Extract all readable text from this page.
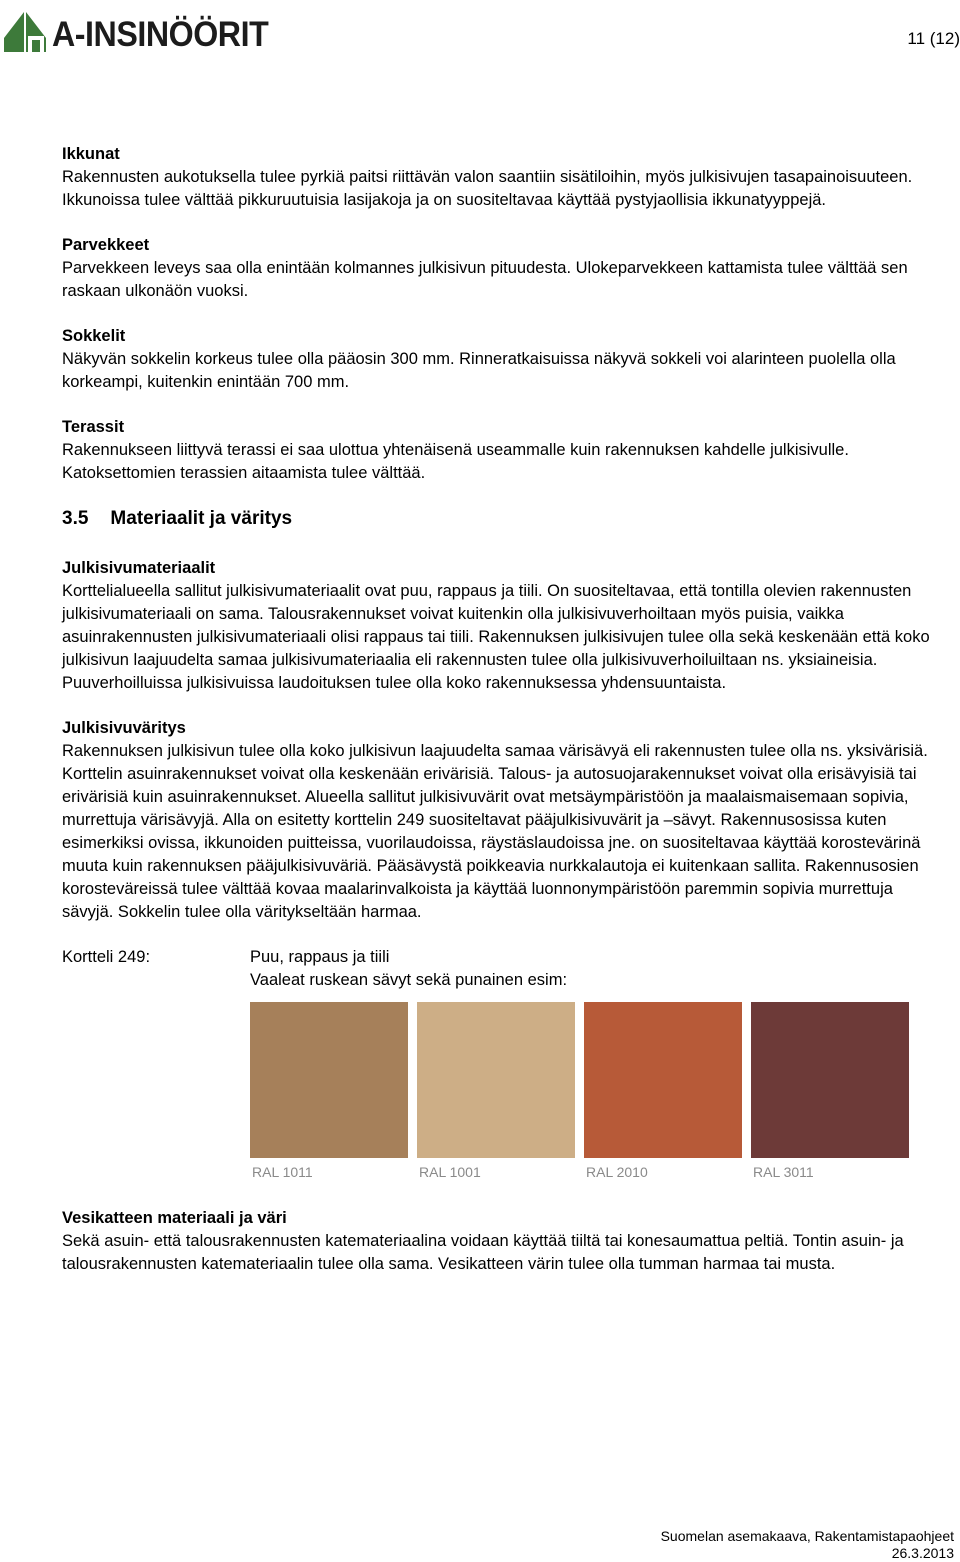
A-INSINÖÖRIT	11 (12)
Ikkunat
Rakennusten aukotuksella tulee pyrkiä paitsi riittävän valon saantiin sisätiloihin, myös julkisivujen tasapainoisuuteen. Ikkunoissa tulee välttää pikkuruutuisia lasijakoja ja on suositeltavaa käyttää pystyjaollisia ikkunatyyppejä.
Parvekkeet
Parvekkeen leveys saa olla enintään kolmannes julkisivun pituudesta. Ulokeparvekkeen kattamista tulee välttää sen raskaan ulkonäön vuoksi.
Sokkelit
Näkyvän sokkelin korkeus tulee olla pääosin 300 mm. Rinneratkaisuissa näkyvä sokkeli voi alarinteen puolella olla korkeampi, kuitenkin enintään 700 mm.
Terassit
Rakennukseen liittyvä terassi ei saa ulottua yhtenäisenä useammalle kuin rakennuksen kahdelle julkisivulle. Katoksettomien terassien aitaamista tulee välttää.
3.5 Materiaalit ja väritys
Julkisivumateriaalit
Korttelialueella sallitut julkisivumateriaalit ovat puu, rappaus ja tiili. On suositeltavaa, että tontilla olevien rakennusten julkisivumateriaali on sama. Talousrakennukset voivat kuitenkin olla julkisivuverhoiltaan myös puisia, vaikka asuinrakennusten julkisivumateriaali olisi rappaus tai tiili. Rakennuksen julkisivujen tulee olla sekä keskenään että koko julkisivun laajuudelta samaa julkisivumateriaalia eli rakennusten tulee olla julkisivuverhoiluiltaan ns. yksiaineisia. Puuverhoilluissa julkisivuissa laudoituksen tulee olla koko rakennuksessa yhdensuuntaista.
Julkisivuväritys
Rakennuksen julkisivun tulee olla koko julkisivun laajuudelta samaa värisävyä eli rakennusten tulee olla ns. yksivärisiä. Korttelin asuinrakennukset voivat olla keskenään erivärisiä. Talous- ja autosuojarakennukset voivat olla erisävyisiä tai erivärisiä kuin asuinrakennukset. Alueella sallitut julkisivuvärit ovat metsäympäristöön ja maalaismaisemaan sopivia, murrettuja värisävyjä. Alla on esitetty korttelin 249 suositeltavat pääjulkisivuvärit ja –sävyt. Rakennusosissa kuten esimerkiksi ovissa, ikkunoiden puitteissa, vuorilaudoissa, räystäslaudoissa jne. on suositeltavaa käyttää korostevärinä muuta kuin rakennuksen pääjulkisivuväriä. Pääsävystä poikkeavia nurkkalautoja ei kuitenkaan sallita. Rakennusosien korosteväreissä tulee välttää kovaa maalarinvalkoista ja käyttää luonnonympäristöön paremmin sopivia murrettuja sävyjä. Sokkelin tulee olla väritykseltään harmaa.
Kortteli 249:	Puu, rappaus ja tiili
Vaaleat ruskean sävyt sekä punainen esim:
RAL 1011	RAL 1001	RAL 2010	RAL 3011
Vesikatteen materiaali ja väri
Sekä asuin- että talousrakennusten katemateriaalina voidaan käyttää tiiltä tai konesaumattua peltiä. Tontin asuin- ja talousrakennusten katemateriaalin tulee olla sama. Vesikatteen värin tulee olla tumman harmaa tai musta.
Suomelan asemakaava, Rakentamistapaohjeet
26.3.2013
